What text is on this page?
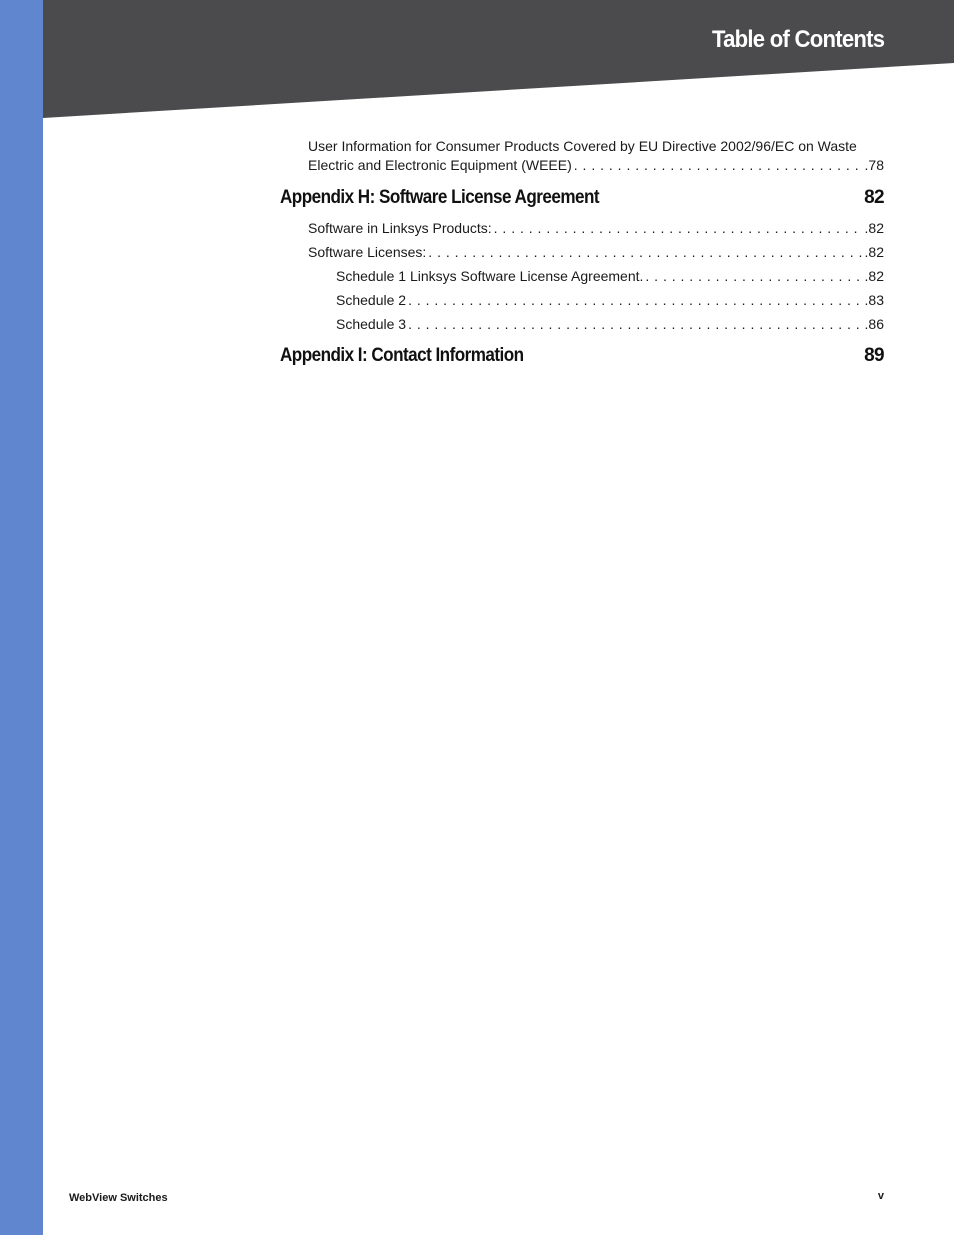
Table of Contents
User Information for Consumer Products Covered by EU Directive 2002/96/EC on Waste
Electric and Electronic Equipment (WEEE) . . .	.78
Appendix H: Software License Agreement	82
Software in Linksys Products: . . .	.82
Software Licenses: . . .	.82
Schedule 1 Linksys Software License Agreement. . . .	.82
Schedule 2 . . .	.83
Schedule 3 . . .	.86
Appendix I: Contact Information	89
WebView Switches	v
